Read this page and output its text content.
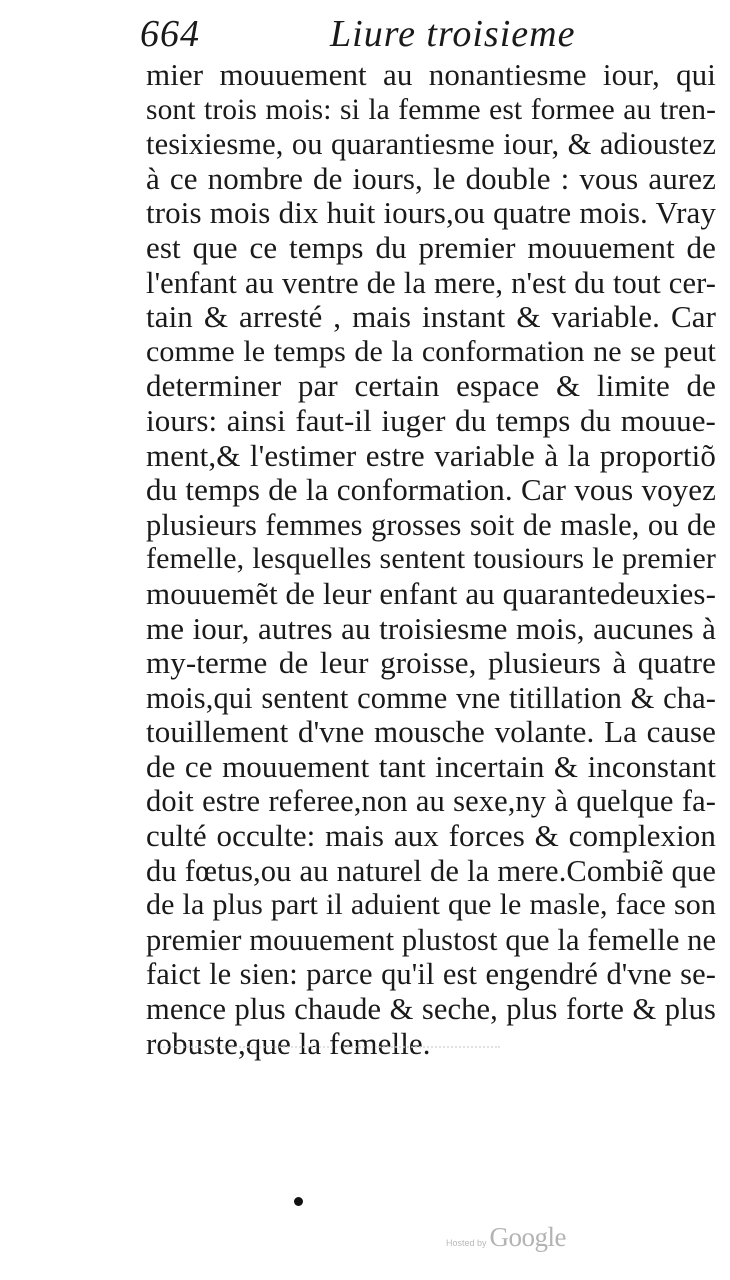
664	Liure troisieme
mier mouuement au nonantiesme iour, qui
sont trois mois: si la femme est formee au tren-
tesixiesme, ou quarantiesme iour, & adioustez
à ce nombre de iours, le double : vous aurez
trois mois dix huit iours,ou quatre mois. Vray
est que ce temps du premier mouuement de
l'enfant au ventre de la mere, n'est du tout cer-
tain & arresté , mais instant & variable. Car
comme le temps de la conformation ne se peut
determiner par certain espace & limite de
iours: ainsi faut-il iuger du temps du mouue-
ment,& l'estimer estre variable à la proportiõ
du temps de la conformation. Car vous voyez
plusieurs femmes grosses soit de masle, ou de
femelle, lesquelles sentent tousiours le premier
mouuemẽt de leur enfant au quarantedeuxies-
me iour, autres au troisiesme mois, aucunes à
my-terme de leur groisse, plusieurs à quatre
mois,qui sentent comme vne titillation & cha-
touillement d'vne mousche volante. La cause
de ce mouuement tant incertain & inconstant
doit estre referee,non au sexe,ny à quelque fa-
culté occulte: mais aux forces & complexion
du fœtus,ou au naturel de la mere.Combiẽ que
de la plus part il aduient que le masle, face son
premier mouuement plustost que la femelle ne
faict le sien: parce qu'il est engendré d'vne se-
mence plus chaude & seche, plus forte & plus
robuste,que la femelle.
Hosted by Google
